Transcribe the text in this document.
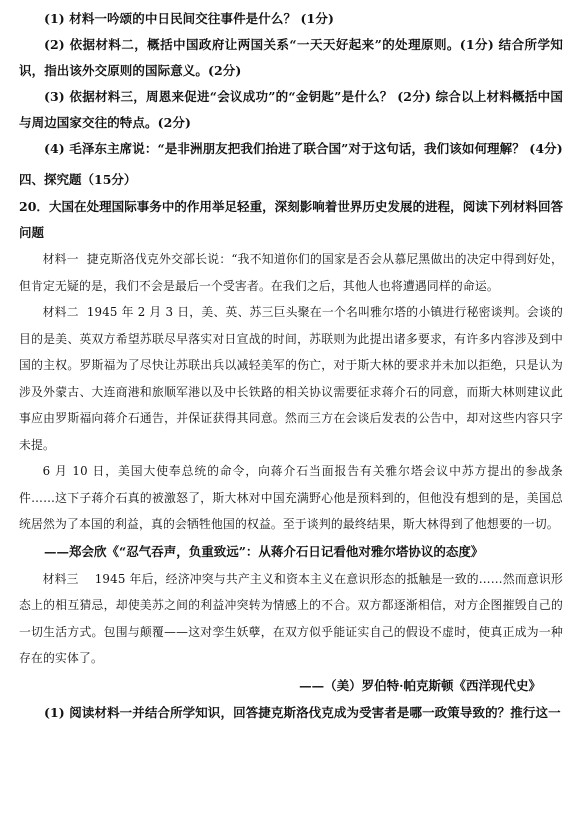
(1) 材料一吟颂的中日民间交往事件是什么？ (1分)

(2) 依据材料二，概括中国政府让两国关系“一天天好起来”的处理原则。(1分) 结合所学知识，指出该外交原则的国际意义。(2分)

(3) 依据材料三，周恩来促进“会议成功”的“金钥匙”是什么？ (2分) 综合以上材料概括中国与周边国家交往的特点。(2分)

(4) 毛泽东主席说：“是非洲朋友把我们抬进了联合国”对于这句话，我们该如何理解？ (4分)

四、探究题（15分）

20．大国在处理国际事务中的作用举足轻重，深刻影响着世界历史发展的进程，阅读下列材料回答问题

材料一 捷克斯洛伐克外交部长说：“我不知道你们的国家是否会从慕尼黑做出的决定中得到好处，但肯定无疑的是，我们不会是最后一个受害者。在我们之后，其他人也将遭遇同样的命运。

材料二 1945 年 2 月 3 日，美、英、苏三巨头聚在一个名叫雅尔塔的小镇进行秘密谈判。会谈的目的是美、英双方希望苏联尽早落实对日宣战的时间，苏联则为此提出诸多要求，有许多内容涉及到中国的主权。罗斯福为了尽快让苏联出兵以减轻美军的伤亡，对于斯大林的要求并未加以拒绝，只是认为涉及外蒙古、大连商港和旅顺军港以及中长铁路的相关协议需要征求蒋介石的同意，而斯大林则建议此事应由罗斯福向蒋介石通告，并保证获得其同意。然而三方在会谈后发表的公告中，却对这些内容只字未提。

6 月 10 日，美国大使奉总统的命令，向蒋介石当面报告有关雅尔塔会议中苏方提出的参战条件……这下子蒋介石真的被激怒了，斯大林对中国充满野心他是预料到的，但他没有想到的是，美国总统居然为了本国的利益，真的会牺牲他国的权益。至于谈判的最终结果，斯大林得到了他想要的一切。

——郑会欣《“忍气吞声，负重致远”：从蒋介石日记看他对雅尔塔协议的态度》

材料三 1945 年后，经济冲突与共产主义和资本主义在意识形态的抵触是一致的……然而意识形态上的相互猜忌，却使美苏之间的利益冲突转为情感上的不合。双方都逐渐相信，对方企图摧毁自己的一切生活方式。包围与颠覆——这对孪生妖孽，在双方似乎能证实自己的假设不虚时，使真正成为一种存在的实体了。

——（美）罗伯特·帕克斯顿《西洋现代史》

(1) 阅读材料一并结合所学知识，回答捷克斯洛伐克成为受害者是哪一政策导致的？推行这一
